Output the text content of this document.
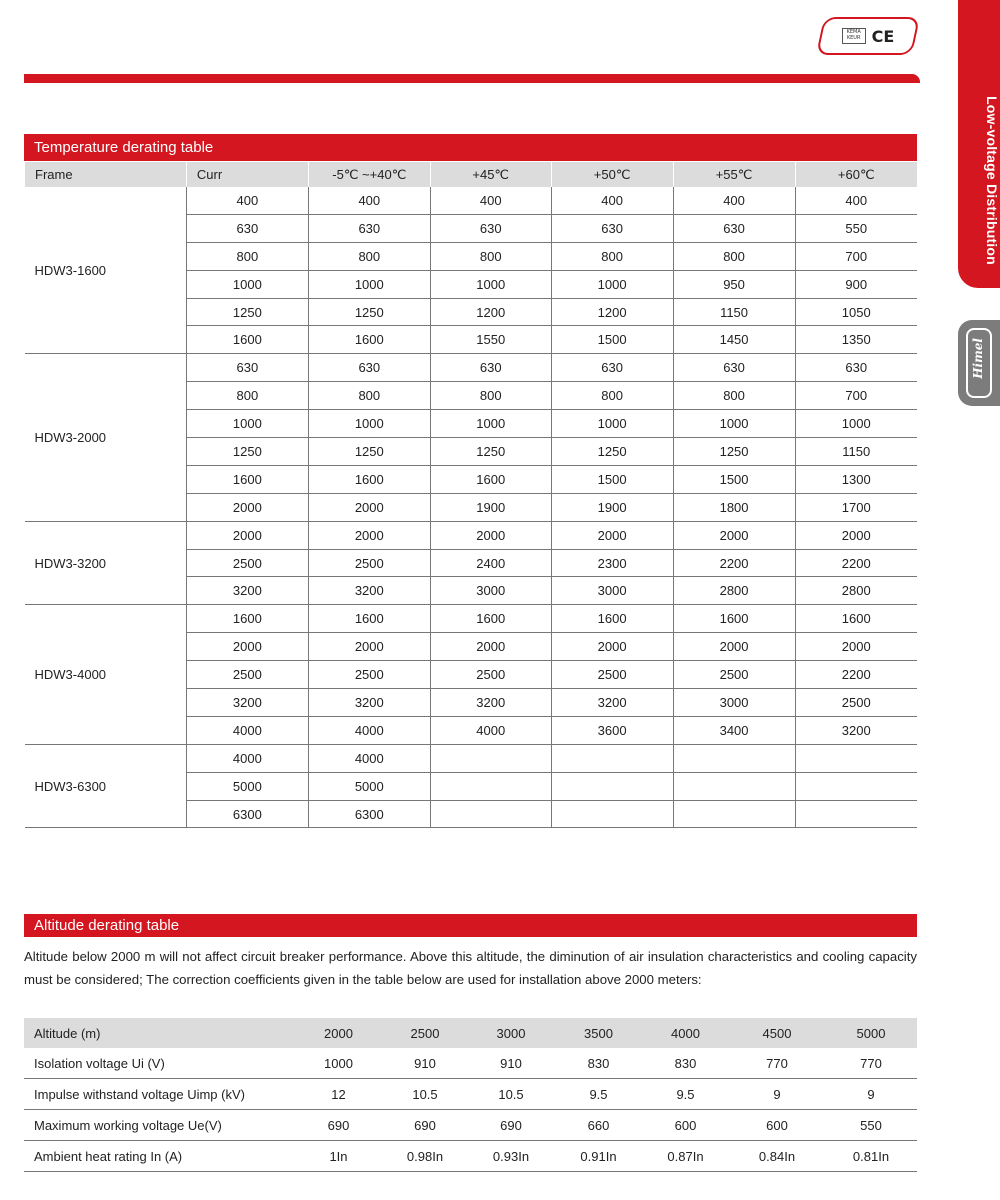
KEMA KEUR CE
Low-voltage Distribution
Himel
Temperature derating table
Frame	Curr	-5℃ ~+40℃	+45℃	+50℃	+55℃	+60℃
HDW3-1600	400	400	400	400	400	400
	630	630	630	630	630	550
	800	800	800	800	800	700
	1000	1000	1000	1000	950	900
	1250	1250	1200	1200	1150	1050
	1600	1600	1550	1500	1450	1350
HDW3-2000	630	630	630	630	630	630
	800	800	800	800	800	700
	1000	1000	1000	1000	1000	1000
	1250	1250	1250	1250	1250	1150
	1600	1600	1600	1500	1500	1300
	2000	2000	1900	1900	1800	1700
HDW3-3200	2000	2000	2000	2000	2000	2000
	2500	2500	2400	2300	2200	2200
	3200	3200	3000	3000	2800	2800
HDW3-4000	1600	1600	1600	1600	1600	1600
	2000	2000	2000	2000	2000	2000
	2500	2500	2500	2500	2500	2200
	3200	3200	3200	3200	3000	2500
	4000	4000	4000	3600	3400	3200
HDW3-6300	4000	4000				
	5000	5000				
	6300	6300				
Altitude derating table
Altitude below 2000 m will not affect circuit breaker performance. Above this altitude, the diminution of air insulation characteristics and cooling capacity must be considered; The correction coefficients given in the table below are used for installation above 2000 meters:
Altitude (m)	2000	2500	3000	3500	4000	4500	5000
Isolation voltage Ui (V)	1000	910	910	830	830	770	770
Impulse withstand voltage Uimp (kV)	12	10.5	10.5	9.5	9.5	9	9
Maximum working voltage Ue(V)	690	690	690	660	600	600	550
Ambient heat rating In (A)	1In	0.98In	0.93In	0.91In	0.87In	0.84In	0.81In
